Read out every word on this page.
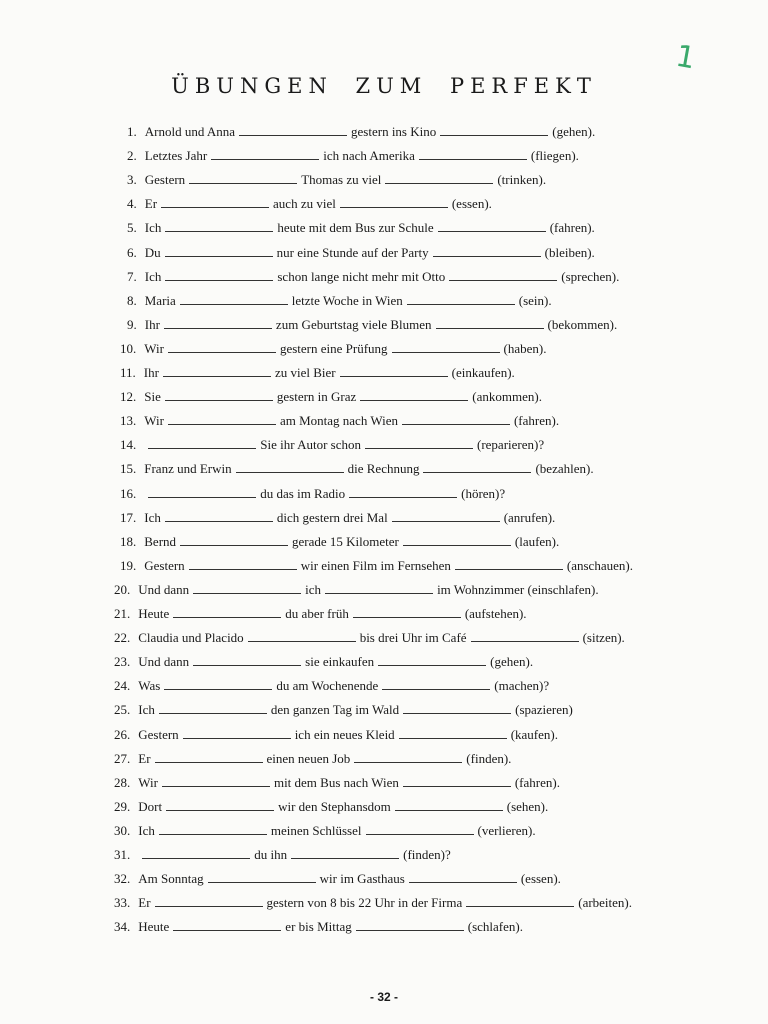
1
ÜBUNGEN ZUM PERFEKT
1. Arnold und Anna	gestern ins Kino	(gehen).
2. Letztes Jahr	ich nach Amerika	(fliegen).
3. Gestern	Thomas zu viel	(trinken).
4. Er	auch zu viel	(essen).
5. Ich	heute mit dem Bus zur Schule	(fahren).
6. Du	nur eine Stunde auf der Party	(bleiben).
7. Ich	schon lange nicht mehr mit Otto	(sprechen).
8. Maria	letzte Woche in Wien	(sein).
9. Ihr	zum Geburtstag viele Blumen	(bekommen).
10. Wir	gestern eine Prüfung	(haben).
11. Ihr	zu viel Bier	(einkaufen).
12. Sie	gestern in Graz	(ankommen).
13. Wir	am Montag nach Wien	(fahren).
14.	Sie ihr Autor schon	(reparieren)?
15. Franz und Erwin	die Rechnung	(bezahlen).
16.	du das im Radio	(hören)?
17. Ich	dich gestern drei Mal	(anrufen).
18. Bernd	gerade 15 Kilometer	(laufen).
19. Gestern	wir einen Film im Fernsehen	(anschauen).
20. Und dann	ich	im Wohnzimmer (einschlafen).
21. Heute	du aber früh	(aufstehen).
22. Claudia und Placido	bis drei Uhr im Café	(sitzen).
23. Und dann	sie einkaufen	(gehen).
24. Was	du am Wochenende	(machen)?
25. Ich	den ganzen Tag im Wald	(spazieren)
26. Gestern	ich ein neues Kleid	(kaufen).
27. Er	einen neuen Job	(finden).
28. Wir	mit dem Bus nach Wien	(fahren).
29. Dort	wir den Stephansdom	(sehen).
30. Ich	meinen Schlüssel	(verlieren).
31.	du ihn	(finden)?
32. Am Sonntag	wir im Gasthaus	(essen).
33. Er	gestern von 8 bis 22 Uhr in der Firma	(arbeiten).
34. Heute	er bis Mittag	(schlafen).
- 32 -
